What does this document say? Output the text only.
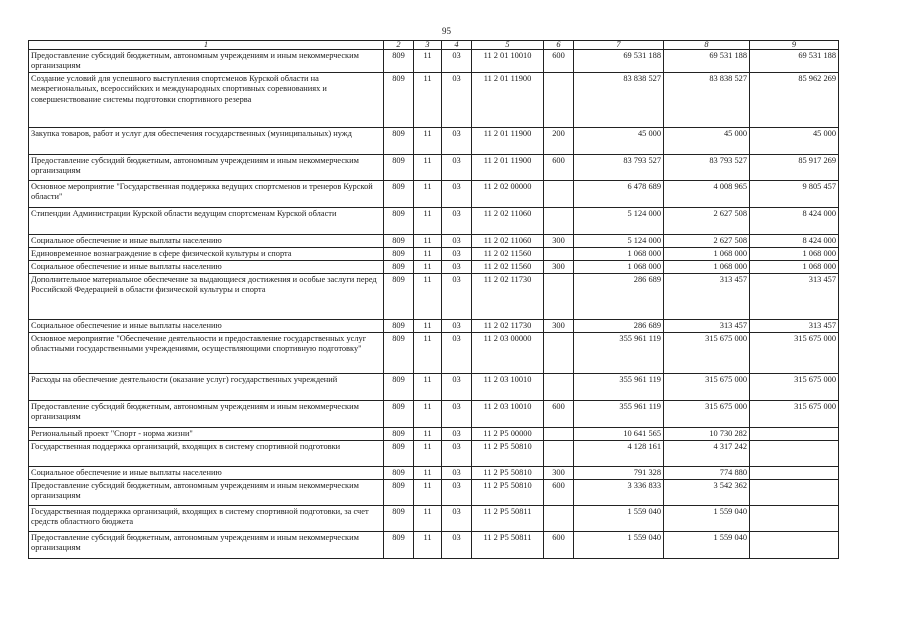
95
1	2	3	4	5	6	7	8	9
Предоставление субсидий бюджетным, автономным учреждениям и иным некоммерческим организациям	809	11	03	11 2 01 10010	600	69 531 188	69 531 188	69 531 188
Создание условий для успешного выступления спортсменов Курской области на межрегиональных, всероссийских и международных спортивных соревнованиях и совершенствование системы подготовки спортивного резерва	809	11	03	11 2 01 11900		83 838 527	83 838 527	85 962 269
Закупка товаров, работ и услуг для обеспечения государственных (муниципальных) нужд	809	11	03	11 2 01 11900	200	45 000	45 000	45 000
Предоставление субсидий бюджетным, автономным учреждениям и иным некоммерческим организациям	809	11	03	11 2 01 11900	600	83 793 527	83 793 527	85 917 269
Основное мероприятие "Государственная поддержка ведущих спортсменов и тренеров Курской области"	809	11	03	11 2 02 00000		6 478 689	4 008 965	9 805 457
Стипендии Администрации Курской области ведущим спортсменам Курской области	809	11	03	11 2 02 11060		5 124 000	2 627 508	8 424 000
Социальное обеспечение и иные выплаты населению	809	11	03	11 2 02 11060	300	5 124 000	2 627 508	8 424 000
Единовременное вознаграждение в сфере физической культуры и спорта	809	11	03	11 2 02 11560		1 068 000	1 068 000	1 068 000
Социальное обеспечение и иные выплаты населению	809	11	03	11 2 02 11560	300	1 068 000	1 068 000	1 068 000
Дополнительное материальное обеспечение за выдающиеся достижения и особые заслуги перед Российской Федерацией в области физической культуры и спорта	809	11	03	11 2 02 11730		286 689	313 457	313 457
Социальное обеспечение и иные выплаты населению	809	11	03	11 2 02 11730	300	286 689	313 457	313 457
Основное мероприятие "Обеспечение деятельности и предоставление государственных услуг областными государственными учреждениями, осуществляющими спортивную подготовку"	809	11	03	11 2 03 00000		355 961 119	315 675 000	315 675 000
Расходы на обеспечение деятельности (оказание услуг) государственных учреждений	809	11	03	11 2 03 10010		355 961 119	315 675 000	315 675 000
Предоставление субсидий бюджетным, автономным учреждениям и иным некоммерческим организациям	809	11	03	11 2 03 10010	600	355 961 119	315 675 000	315 675 000
Региональный проект "Спорт - норма жизни"	809	11	03	11 2 P5 00000		10 641 565	10 730 282	
Государственная поддержка организаций, входящих в систему спортивной подготовки	809	11	03	11 2 P5 50810		4 128 161	4 317 242	
Социальное обеспечение и иные выплаты населению	809	11	03	11 2 P5 50810	300	791 328	774 880	
Предоставление субсидий бюджетным, автономным учреждениям и иным некоммерческим организациям	809	11	03	11 2 P5 50810	600	3 336 833	3 542 362	
Государственная поддержка организаций, входящих в систему спортивной подготовки, за счет средств областного бюджета	809	11	03	11 2 P5 50811		1 559 040	1 559 040	
Предоставление субсидий бюджетным, автономным учреждениям и иным некоммерческим организациям	809	11	03	11 2 P5 50811	600	1 559 040	1 559 040	
